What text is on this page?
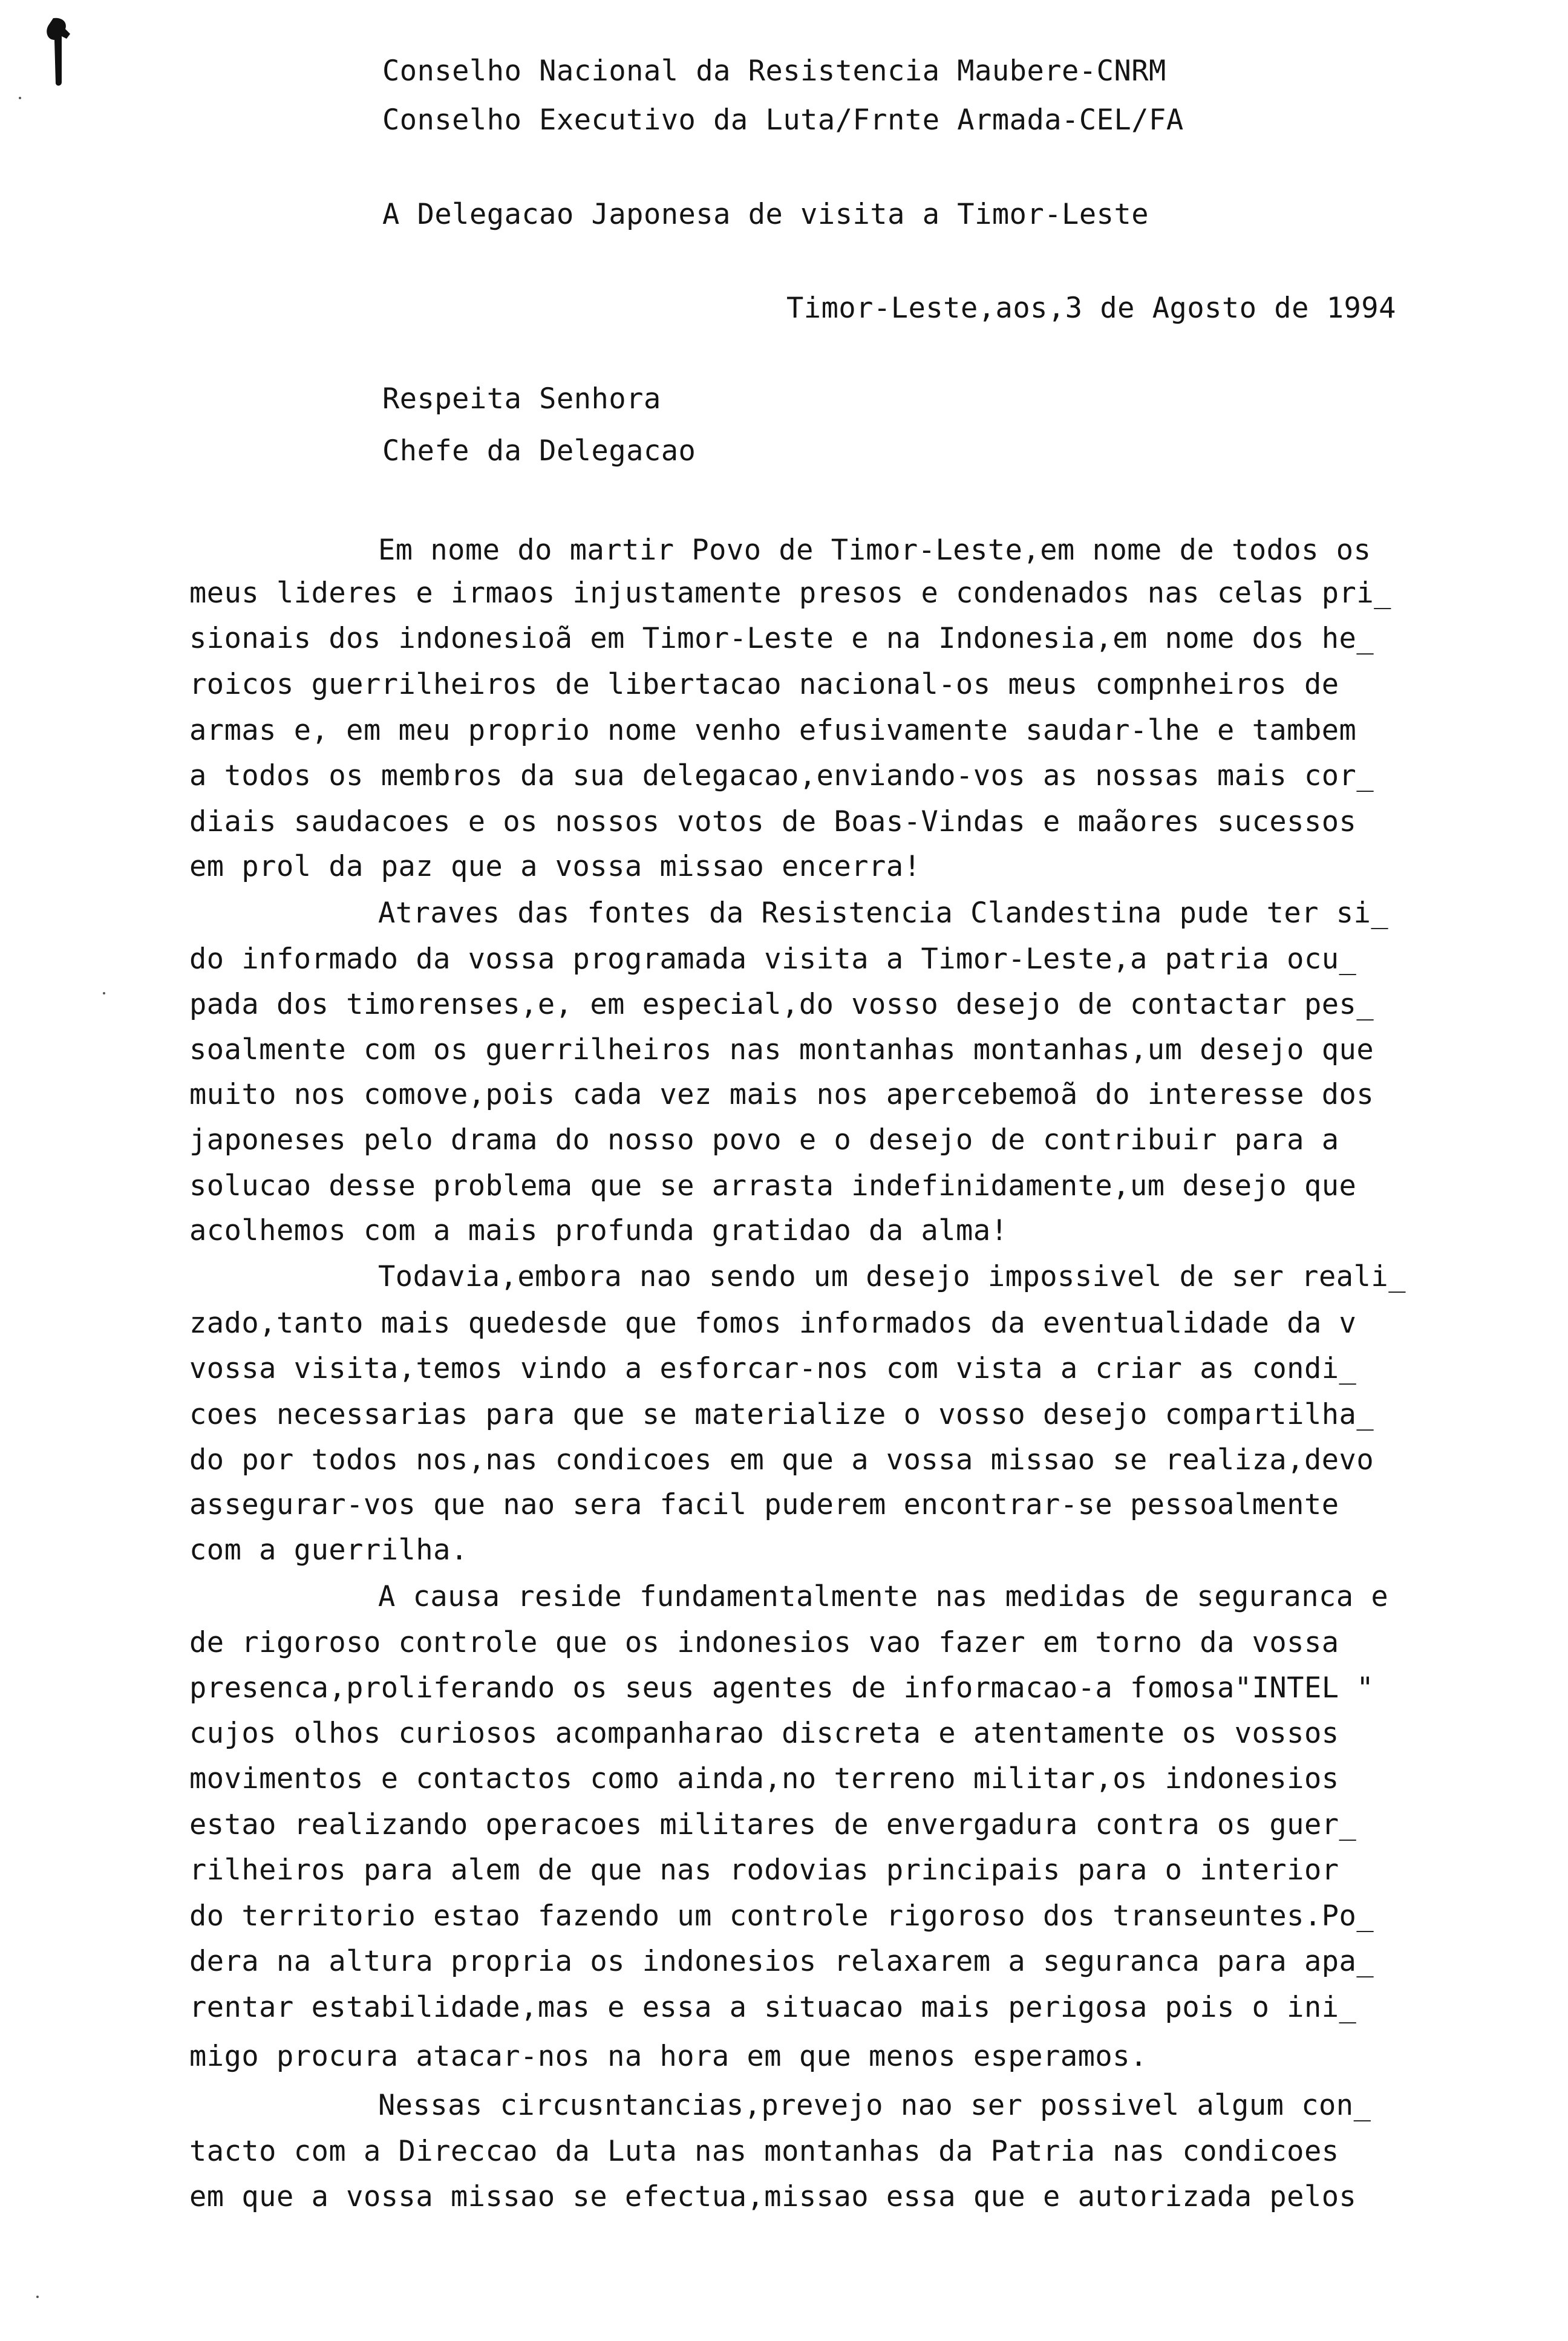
Conselho Nacional da Resistencia Maubere-CNRM
Conselho Executivo da Luta/Frnte Armada-CEL/FA
A Delegacao Japonesa de visita a Timor-Leste
Timor-Leste,aos,3 de Agosto de 1994
Respeita Senhora
Chefe da Delegacao
Em nome do martir Povo de Timor-Leste,em nome de todos os
meus lideres e irmaos injustamente presos e condenados nas celas pri_
sionais dos indonesioã em Timor-Leste e na Indonesia,em nome dos he_
roicos guerrilheiros de libertacao nacional-os meus compnheiros de
armas e, em meu proprio nome venho efusivamente saudar-lhe e tambem
a todos os membros da sua delegacao,enviando-vos as nossas mais cor_
diais saudacoes e os nossos votos de Boas-Vindas e maãores sucessos
em prol da paz que a vossa missao encerra!
Atraves das fontes da Resistencia Clandestina pude ter si_
do informado da vossa programada visita a Timor-Leste,a patria ocu_
pada dos timorenses,e, em especial,do vosso desejo de contactar pes_
soalmente com os guerrilheiros nas montanhas montanhas,um desejo que
muito nos comove,pois cada vez mais nos apercebemoã do interesse dos
japoneses pelo drama do nosso povo e o desejo de contribuir para a
solucao desse problema que se arrasta indefinidamente,um desejo que
acolhemos com a mais profunda gratidao da alma!
Todavia,embora nao sendo um desejo impossivel de ser reali_
zado,tanto mais quedesde que fomos informados da eventualidade da v
vossa visita,temos vindo a esforcar-nos com vista a criar as condi_
coes necessarias para que se materialize o vosso desejo compartilha_
do por todos nos,nas condicoes em que a vossa missao se realiza,devo
assegurar-vos que nao sera facil puderem encontrar-se pessoalmente
com a guerrilha.
A causa reside fundamentalmente nas medidas de seguranca e
de rigoroso controle que os indonesios vao fazer em torno da vossa
presenca,proliferando os seus agentes de informacao-a fomosa"INTEL "
cujos olhos curiosos acompanharao discreta e atentamente os vossos
movimentos e contactos como ainda,no terreno militar,os indonesios
estao realizando operacoes militares de envergadura contra os guer_
rilheiros para alem de que nas rodovias principais para o interior
do territorio estao fazendo um controle rigoroso dos transeuntes.Po_
dera na altura propria os indonesios relaxarem a seguranca para apa_
rentar estabilidade,mas e essa a situacao mais perigosa pois o ini_
migo procura atacar-nos na hora em que menos esperamos.
Nessas circusntancias,prevejo nao ser possivel algum con_
tacto com a Direccao da Luta nas montanhas da Patria nas condicoes
em que a vossa missao se efectua,missao essa que e autorizada pelos
